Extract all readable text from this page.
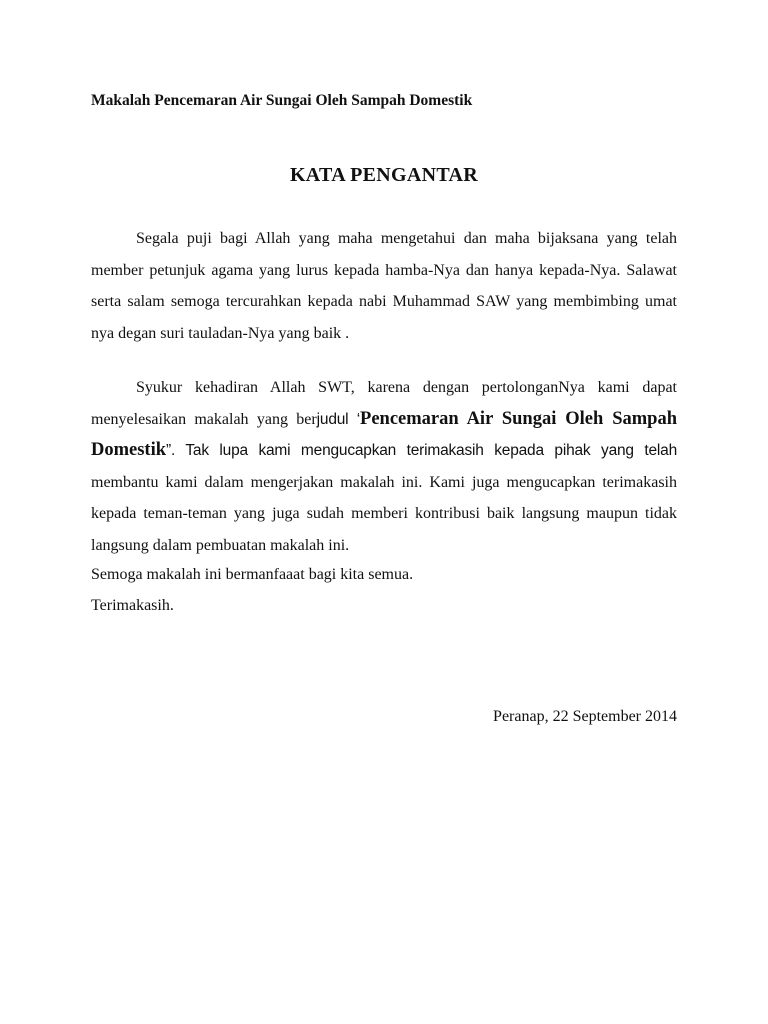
Makalah Pencemaran Air Sungai Oleh Sampah Domestik
KATA PENGANTAR

Segala puji bagi Allah yang maha mengetahui dan maha bijaksana yang telah member petunjuk agama yang lurus kepada hamba-Nya dan hanya kepada-Nya. Salawat serta salam semoga tercurahkan kepada nabi Muhammad SAW yang membimbing umat nya degan suri tauladan-Nya yang baik .

Syukur kehadiran Allah SWT, karena dengan pertolonganNya kami dapat menyelesaikan makalah yang berjudul ‘Pencemaran Air Sungai Oleh Sampah Domestik”. Tak lupa kami mengucapkan terimakasih kepada pihak yang telah membantu kami dalam mengerjakan makalah ini. Kami juga mengucapkan terimakasih kepada teman-teman yang juga sudah memberi kontribusi baik langsung maupun tidak langsung dalam pembuatan makalah ini.

Semoga makalah ini bermanfaaat bagi kita semua.
Terimakasih.
Peranap, 22 September 2014
